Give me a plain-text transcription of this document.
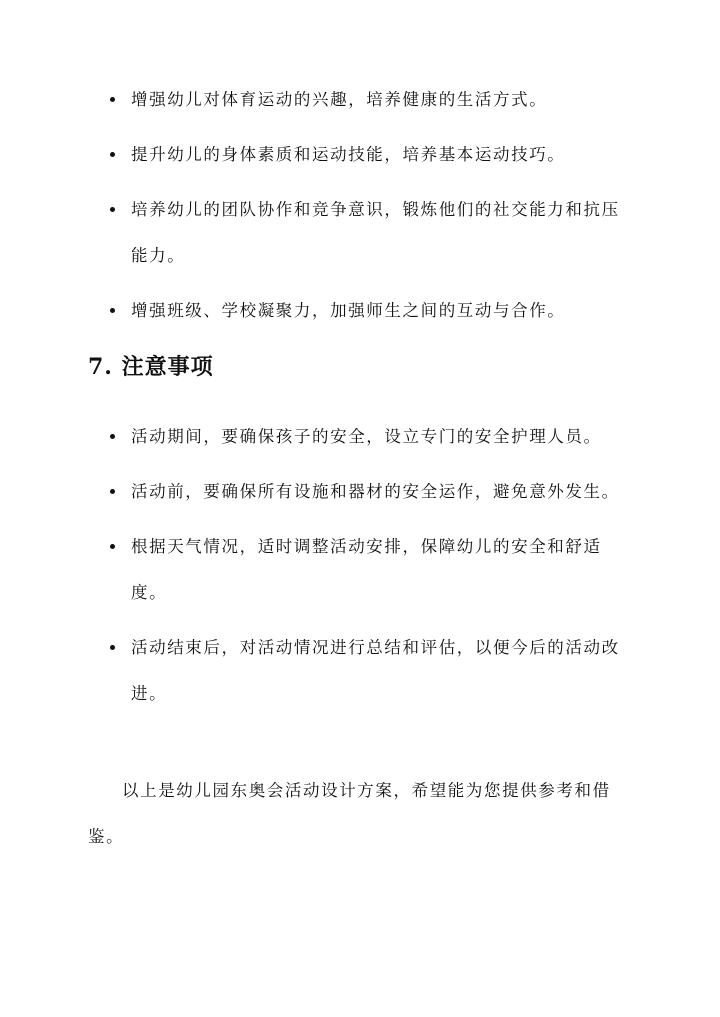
增强幼儿对体育运动的兴趣，培养健康的生活方式。
提升幼儿的身体素质和运动技能，培养基本运动技巧。
培养幼儿的团队协作和竞争意识，锻炼他们的社交能力和抗压能力。
增强班级、学校凝聚力，加强师生之间的互动与合作。
7. 注意事项
活动期间，要确保孩子的安全，设立专门的安全护理人员。
活动前，要确保所有设施和器材的安全运作，避免意外发生。
根据天气情况，适时调整活动安排，保障幼儿的安全和舒适度。
活动结束后，对活动情况进行总结和评估，以便今后的活动改进。

以上是幼儿园东奥会活动设计方案，希望能为您提供参考和借鉴。
